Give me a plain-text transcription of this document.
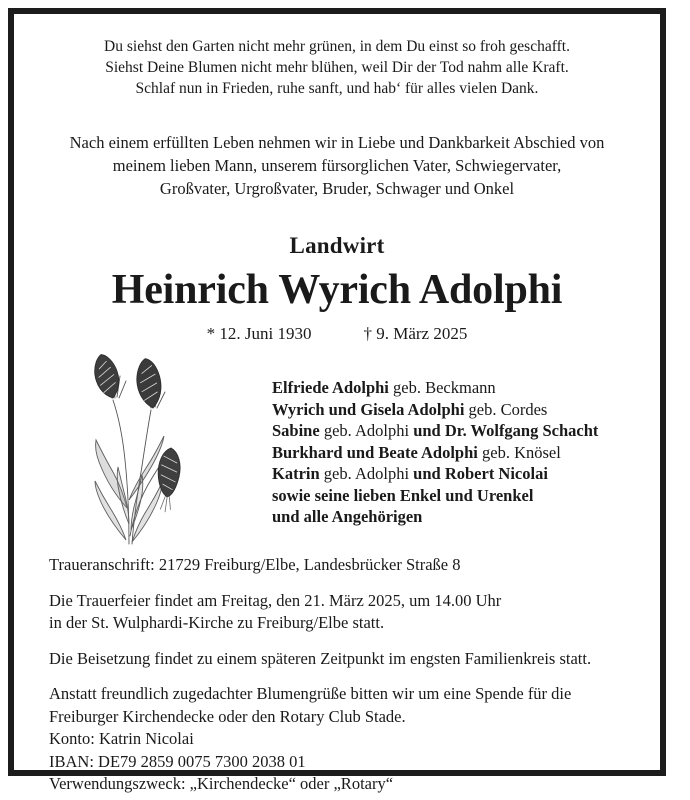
Du siehst den Garten nicht mehr grünen, in dem Du einst so froh geschafft.
Siehst Deine Blumen nicht mehr blühen, weil Dir der Tod nahm alle Kraft.
Schlaf nun in Frieden, ruhe sanft, und hab‘ für alles vielen Dank.
Nach einem erfüllten Leben nehmen wir in Liebe und Dankbarkeit Abschied von
meinem lieben Mann, unserem fürsorglichen Vater, Schwiegervater,
Großvater, Urgroßvater, Bruder, Schwager und Onkel
Landwirt
Heinrich Wyrich Adolphi
* 12. Juni 1930	† 9. März 2025
Elfriede Adolphi geb. Beckmann
Wyrich und Gisela Adolphi geb. Cordes
Sabine geb. Adolphi und Dr. Wolfgang Schacht
Burkhard und Beate Adolphi geb. Knösel
Katrin geb. Adolphi und Robert Nicolai
sowie seine lieben Enkel und Urenkel
und alle Angehörigen
Traueranschrift: 21729 Freiburg/Elbe, Landesbrücker Straße 8
Die Trauerfeier findet am Freitag, den 21. März 2025, um 14.00 Uhr
in der St. Wulphardi-Kirche zu Freiburg/Elbe statt.
Die Beisetzung findet zu einem späteren Zeitpunkt im engsten Familienkreis statt.
Anstatt freundlich zugedachter Blumengrüße bitten wir um eine Spende für die
Freiburger Kirchendecke oder den Rotary Club Stade.
Konto: Katrin Nicolai
IBAN: DE79 2859 0075 7300 2038 01
Verwendungszweck: „Kirchendecke“ oder „Rotary“
